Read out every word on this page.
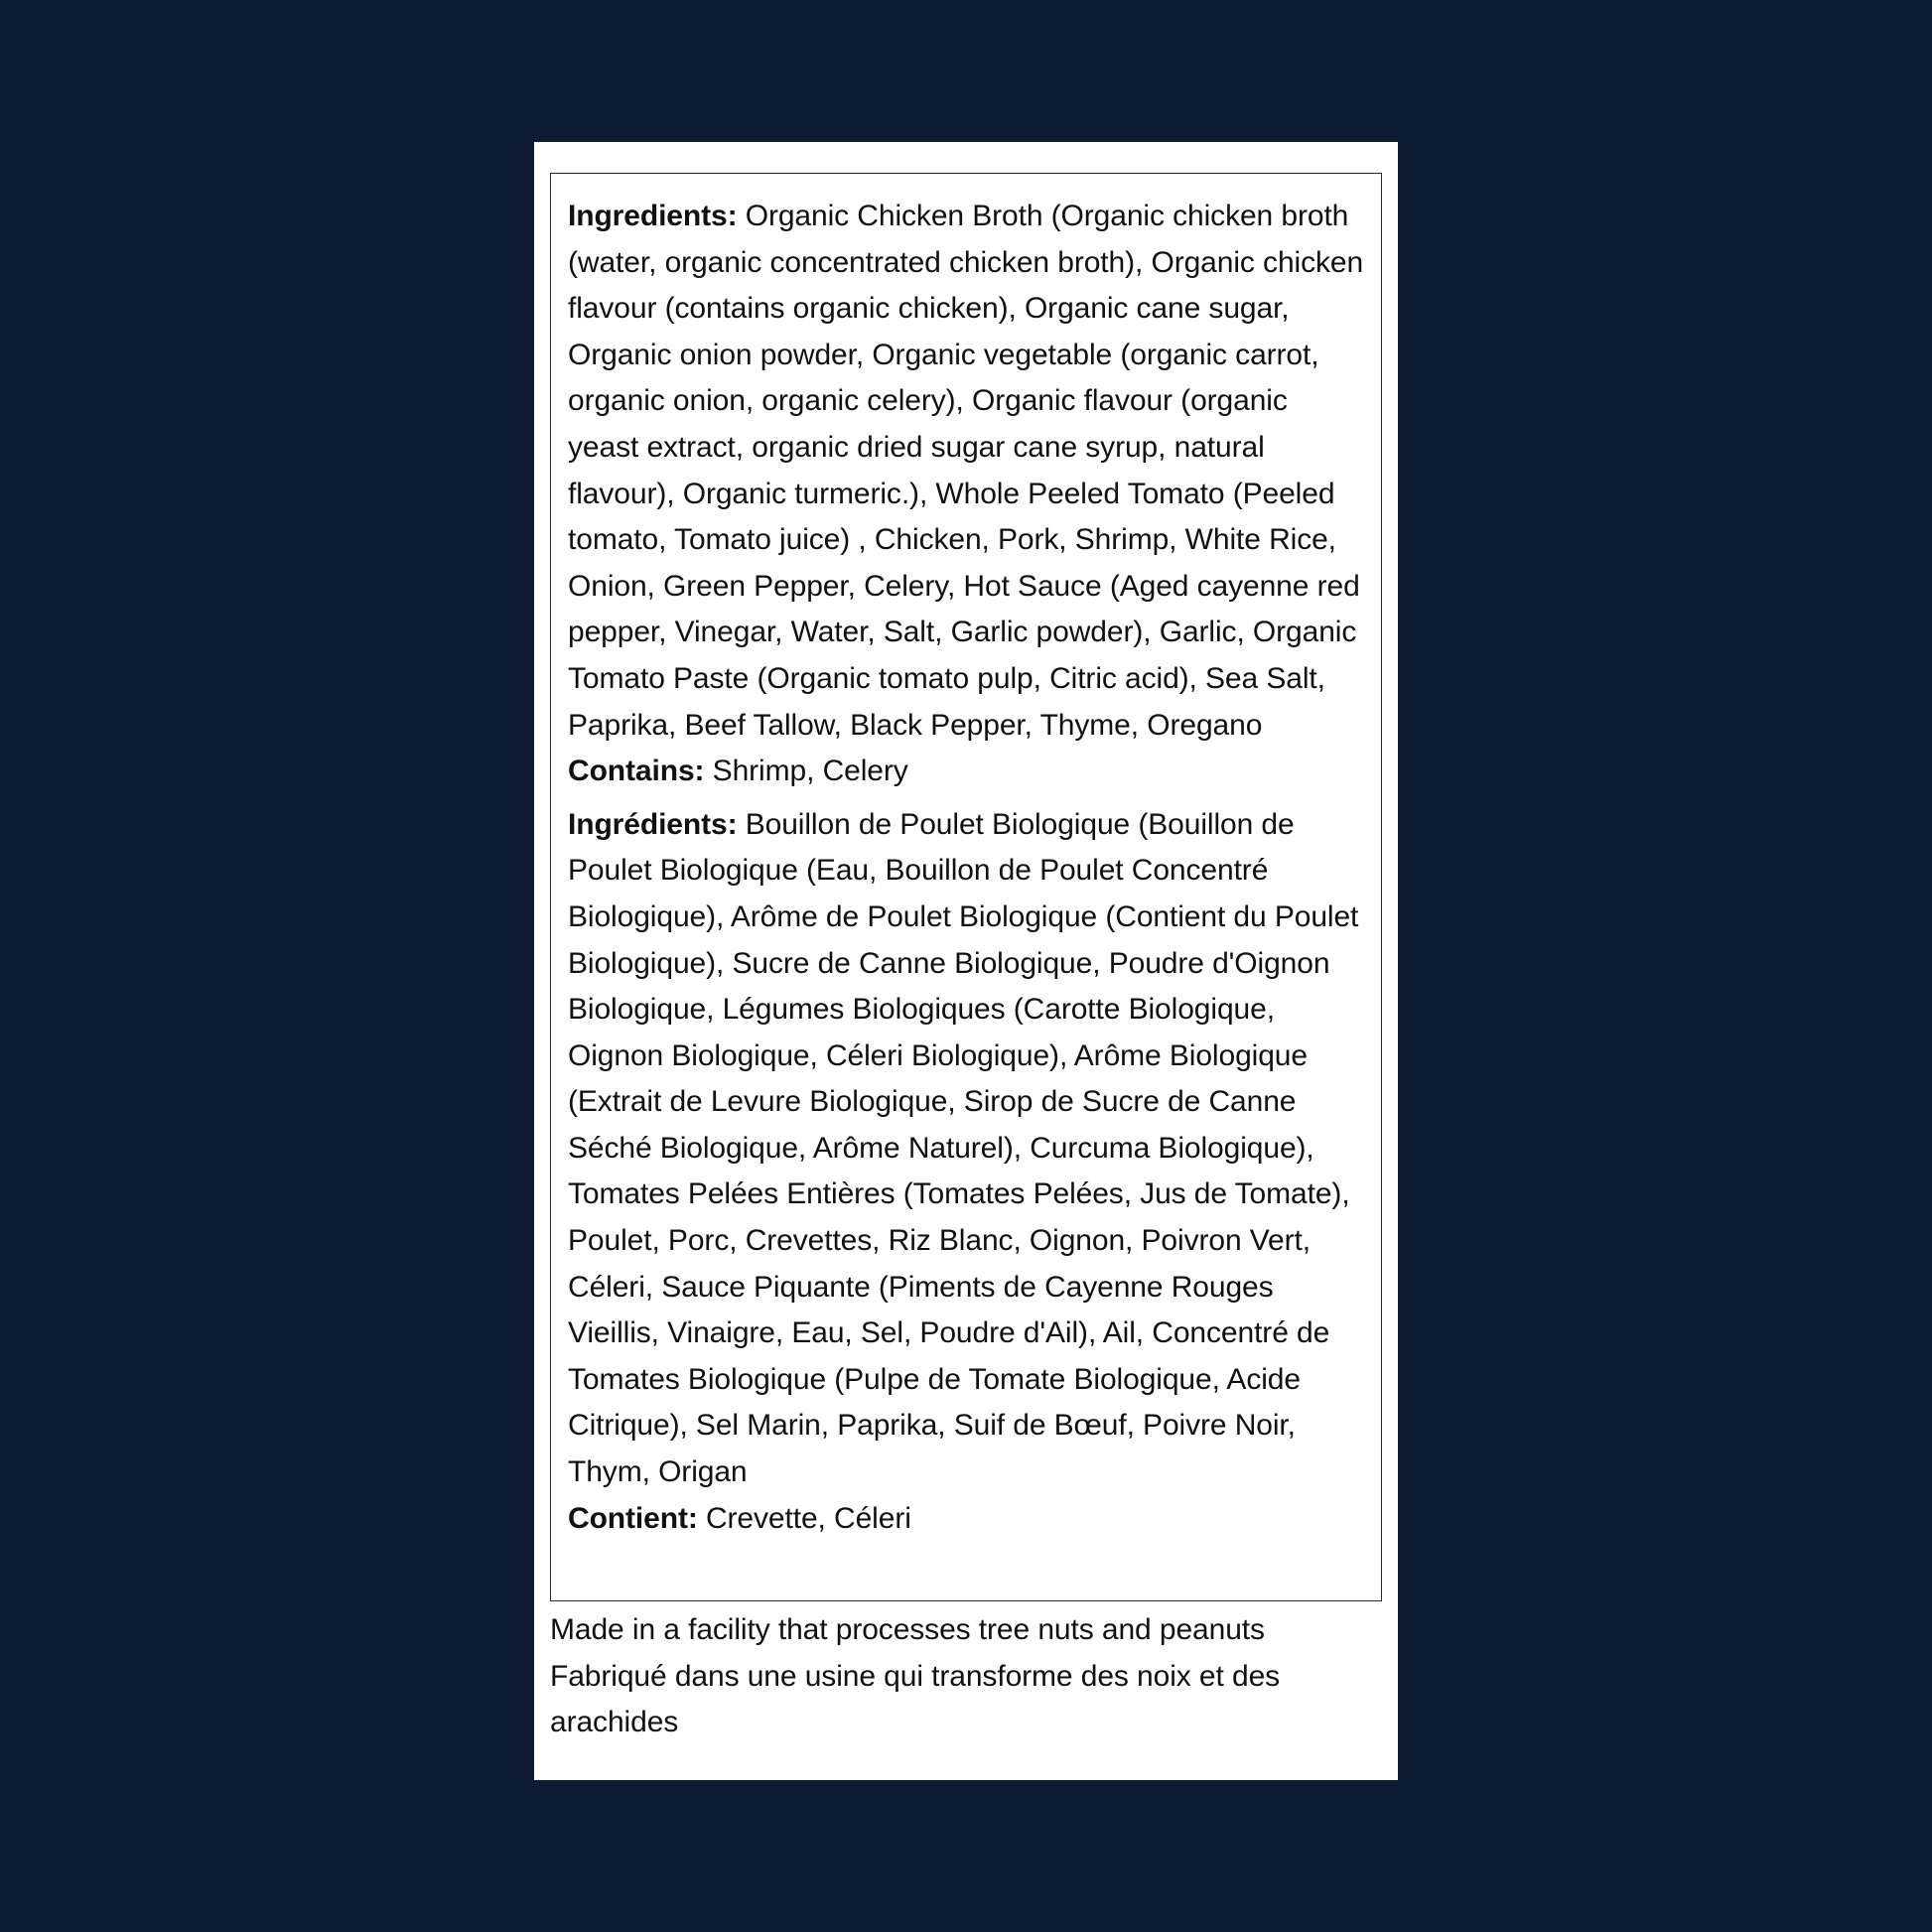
Ingredients: Organic Chicken Broth (Organic chicken broth (water, organic concentrated chicken broth), Organic chicken flavour (contains organic chicken), Organic cane sugar, Organic onion powder, Organic vegetable (organic carrot, organic onion, organic celery), Organic flavour (organic yeast extract, organic dried sugar cane syrup, natural flavour), Organic turmeric.), Whole Peeled Tomato (Peeled tomato, Tomato juice) , Chicken, Pork, Shrimp, White Rice, Onion, Green Pepper, Celery, Hot Sauce (Aged cayenne red pepper, Vinegar, Water, Salt, Garlic powder), Garlic, Organic Tomato Paste (Organic tomato pulp, Citric acid), Sea Salt, Paprika, Beef Tallow, Black Pepper, Thyme, Oregano

Contains: Shrimp, Celery

Ingrédients: Bouillon de Poulet Biologique (Bouillon de Poulet Biologique (Eau, Bouillon de Poulet Concentré Biologique), Arôme de Poulet Biologique (Contient du Poulet Biologique), Sucre de Canne Biologique, Poudre d'Oignon Biologique, Légumes Biologiques (Carotte Biologique, Oignon Biologique, Céleri Biologique), Arôme Biologique (Extrait de Levure Biologique, Sirop de Sucre de Canne Séché Biologique, Arôme Naturel), Curcuma Biologique), Tomates Pelées Entières (Tomates Pelées, Jus de Tomate), Poulet, Porc, Crevettes, Riz Blanc, Oignon, Poivron Vert, Céleri, Sauce Piquante (Piments de Cayenne Rouges Vieillis, Vinaigre, Eau, Sel, Poudre d'Ail), Ail, Concentré de Tomates Biologique (Pulpe de Tomate Biologique, Acide Citrique), Sel Marin, Paprika, Suif de Bœuf, Poivre Noir, Thym, Origan

Contient: Crevette, Céleri

Made in a facility that processes tree nuts and peanuts

Fabriqué dans une usine qui transforme des noix et des arachides
